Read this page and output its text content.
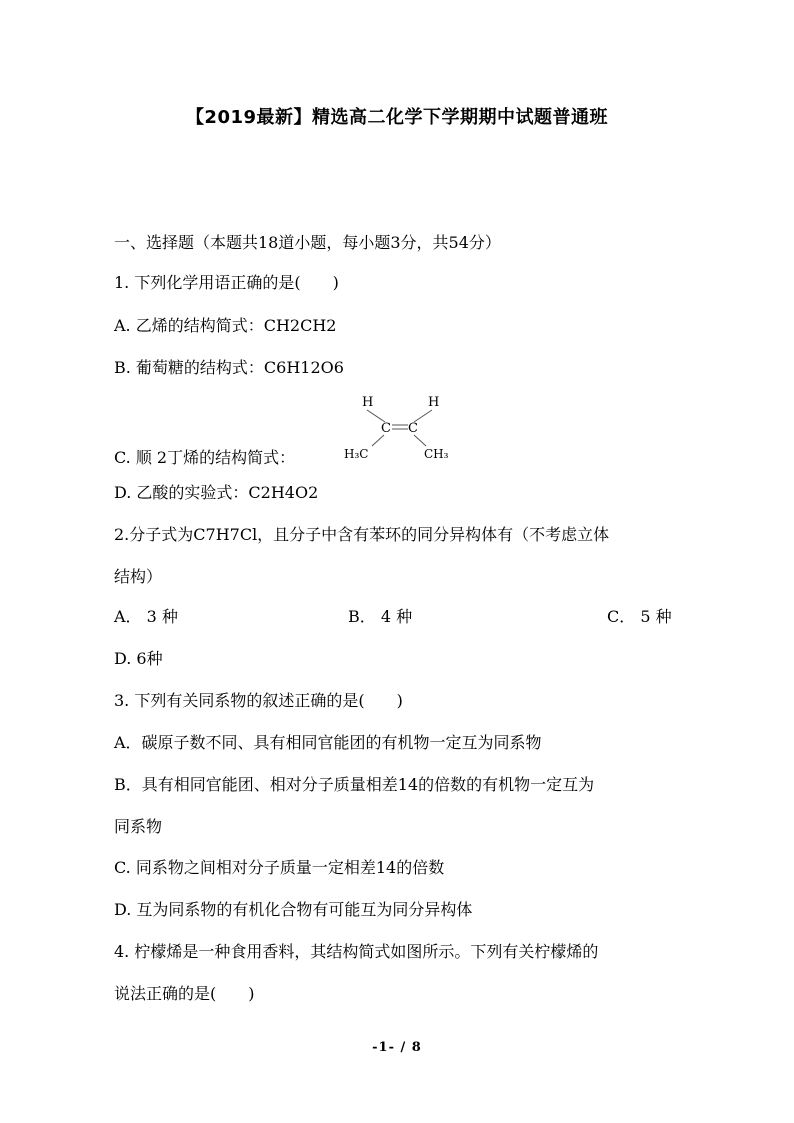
【2019最新】精选高二化学下学期期中试题普通班
一、选择题（本题共18道小题，每小题3分，共54分）
1. 下列化学用语正确的是(　　)
A. 乙烯的结构简式：CH2CH2
B. 葡萄糖的结构式：C6H12O6
H	H
C C
H₃C	CH₃
C. 顺 2丁烯的结构简式：
D. 乙酸的实验式：C2H4O2
2.分子式为C7H7Cl，且分子中含有苯环的同分异构体有（不考虑立体
结构）
A． 3 种	B． 4 种	C． 5 种
D. 6种
3. 下列有关同系物的叙述正确的是(　　)
A．碳原子数不同、具有相同官能团的有机物一定互为同系物
B．具有相同官能团、相对分子质量相差14的倍数的有机物一定互为
同系物
C. 同系物之间相对分子质量一定相差14的倍数
D. 互为同系物的有机化合物有可能互为同分异构体
4. 柠檬烯是一种食用香料，其结构简式如图所示。下列有关柠檬烯的
说法正确的是(　　)
-1- / 8
